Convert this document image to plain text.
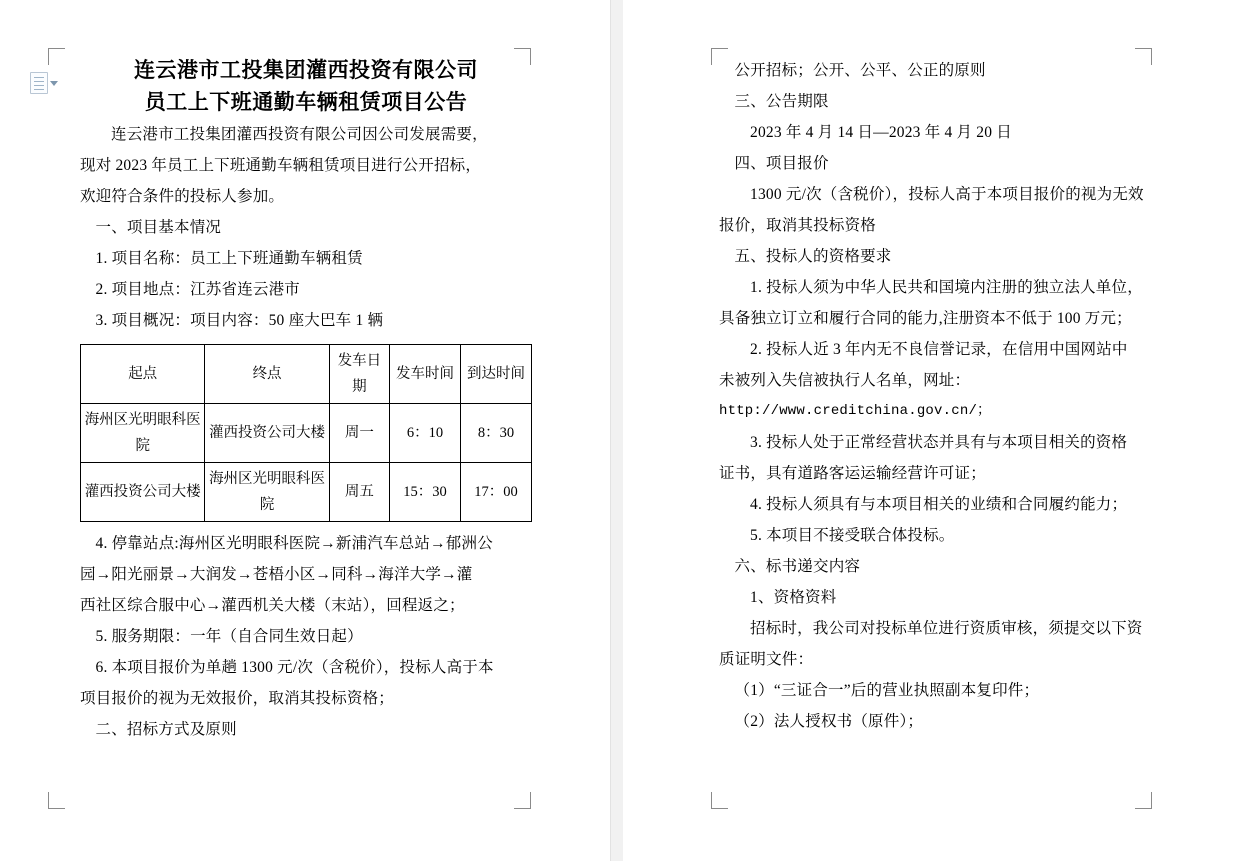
连云港市工投集团灌西投资有限公司
员工上下班通勤车辆租赁项目公告
连云港市工投集团灌西投资有限公司因公司发展需要，
现对 2023 年员工上下班通勤车辆租赁项目进行公开招标，
欢迎符合条件的投标人参加。
一、项目基本情况
1. 项目名称：员工上下班通勤车辆租赁
2. 项目地点：江苏省连云港市
3. 项目概况：项目内容：50 座大巴车 1 辆
起点	终点	发车日期	发车时间	到达时间
海州区光明眼科医院	灌西投资公司大楼	周一	6：10	8：30
灌西投资公司大楼	海州区光明眼科医院	周五	15：30	17：00
4. 停靠站点:海州区光明眼科医院→新浦汽车总站→郁洲公
园→阳光丽景→大润发→苍梧小区→同科→海洋大学→灌
西社区综合服中心→灌西机关大楼（末站），回程返之；
5. 服务期限：一年（自合同生效日起）
6. 本项目报价为单趟 1300 元/次（含税价），投标人高于本
项目报价的视为无效报价，取消其投标资格；
二、招标方式及原则
公开招标；公开、公平、公正的原则
三、公告期限
2023 年 4 月 14 日—2023 年 4 月 20 日
四、项目报价
1300 元/次（含税价），投标人高于本项目报价的视为无效
报价，取消其投标资格
五、投标人的资格要求
1. 投标人须为中华人民共和国境内注册的独立法人单位，
具备独立订立和履行合同的能力,注册资本不低于 100 万元；
2. 投标人近 3 年内无不良信誉记录，在信用中国网站中
未被列入失信被执行人名单，网址：
http://www.creditchina.gov.cn/；
3. 投标人处于正常经营状态并具有与本项目相关的资格
证书，具有道路客运运输经营许可证；
4. 投标人须具有与本项目相关的业绩和合同履约能力；
5. 本项目不接受联合体投标。
六、标书递交内容
1、资格资料
招标时，我公司对投标单位进行资质审核，须提交以下资
质证明文件：
（1）“三证合一”后的营业执照副本复印件；
（2）法人授权书（原件）；
